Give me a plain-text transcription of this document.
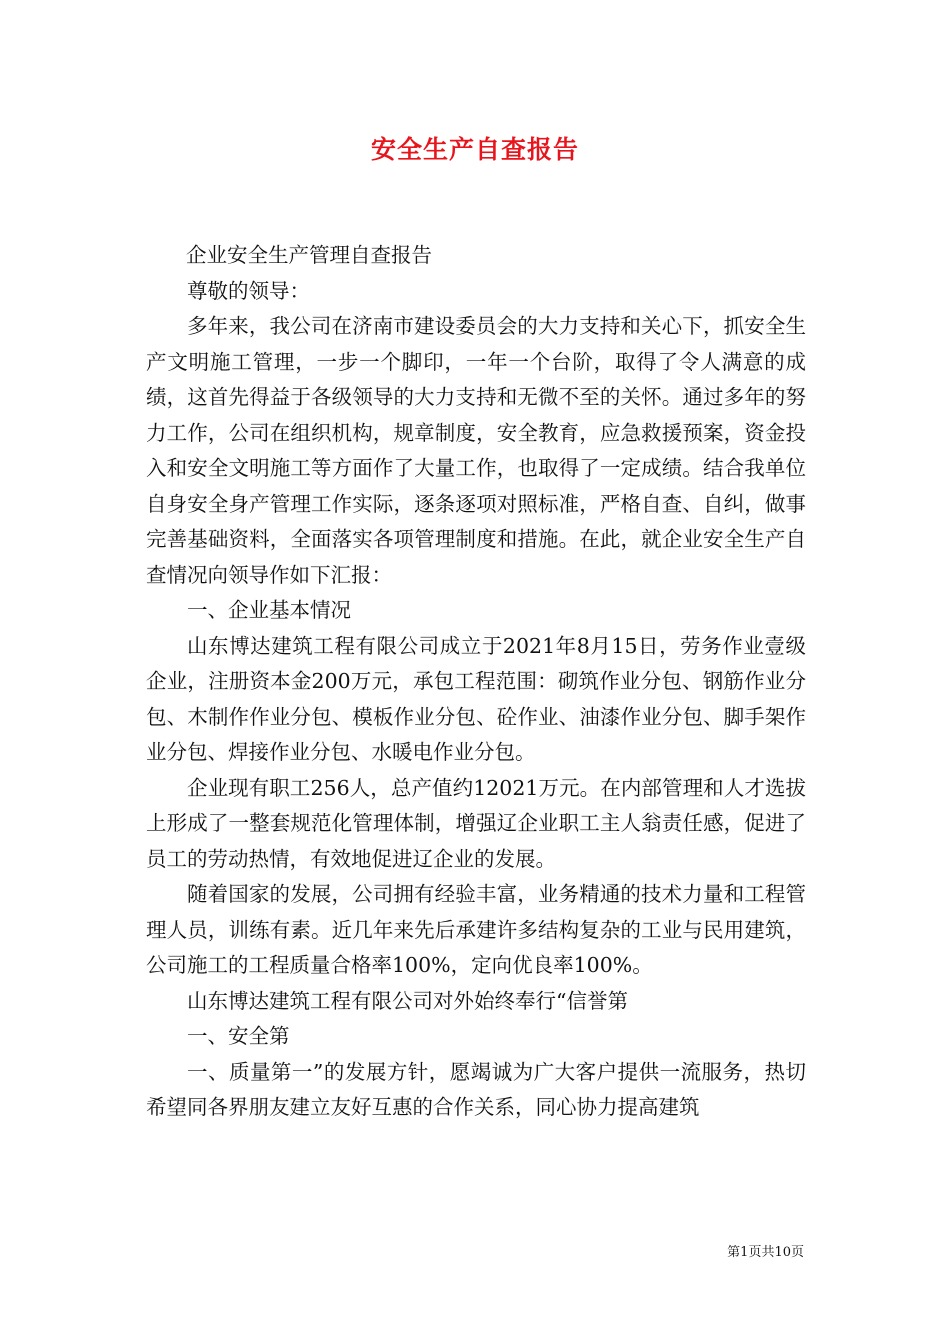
安全生产自查报告

企业安全生产管理自查报告

尊敬的领导：

多年来，我公司在济南市建设委员会的大力支持和关心下，抓安全生产文明施工管理，一步一个脚印，一年一个台阶，取得了令人满意的成绩，这首先得益于各级领导的大力支持和无微不至的关怀。通过多年的努力工作，公司在组织机构，规章制度，安全教育，应急救援预案，资金投入和安全文明施工等方面作了大量工作，也取得了一定成绩。结合我单位自身安全身产管理工作实际，逐条逐项对照标准，严格自查、自纠，做事完善基础资料，全面落实各项管理制度和措施。在此，就企业安全生产自查情况向领导作如下汇报：

一、企业基本情况

山东博达建筑工程有限公司成立于2021年8月15日，劳务作业壹级企业，注册资本金200万元，承包工程范围：砌筑作业分包、钢筋作业分包、木制作作业分包、模板作业分包、砼作业、油漆作业分包、脚手架作业分包、焊接作业分包、水暖电作业分包。

企业现有职工256人，总产值约12021万元。在内部管理和人才选拔上形成了一整套规范化管理体制，增强辽企业职工主人翁责任感，促进了员工的劳动热情，有效地促进辽企业的发展。

随着国家的发展，公司拥有经验丰富，业务精通的技术力量和工程管理人员，训练有素。近几年来先后承建许多结构复杂的工业与民用建筑，公司施工的工程质量合格率100%，定向优良率100%。

山东博达建筑工程有限公司对外始终奉行“信誉第

一、安全第

一、质量第一”的发展方针，愿竭诚为广大客户提供一流服务，热切希望同各界朋友建立友好互惠的合作关系，同心协力提高建筑

第1页共10页
